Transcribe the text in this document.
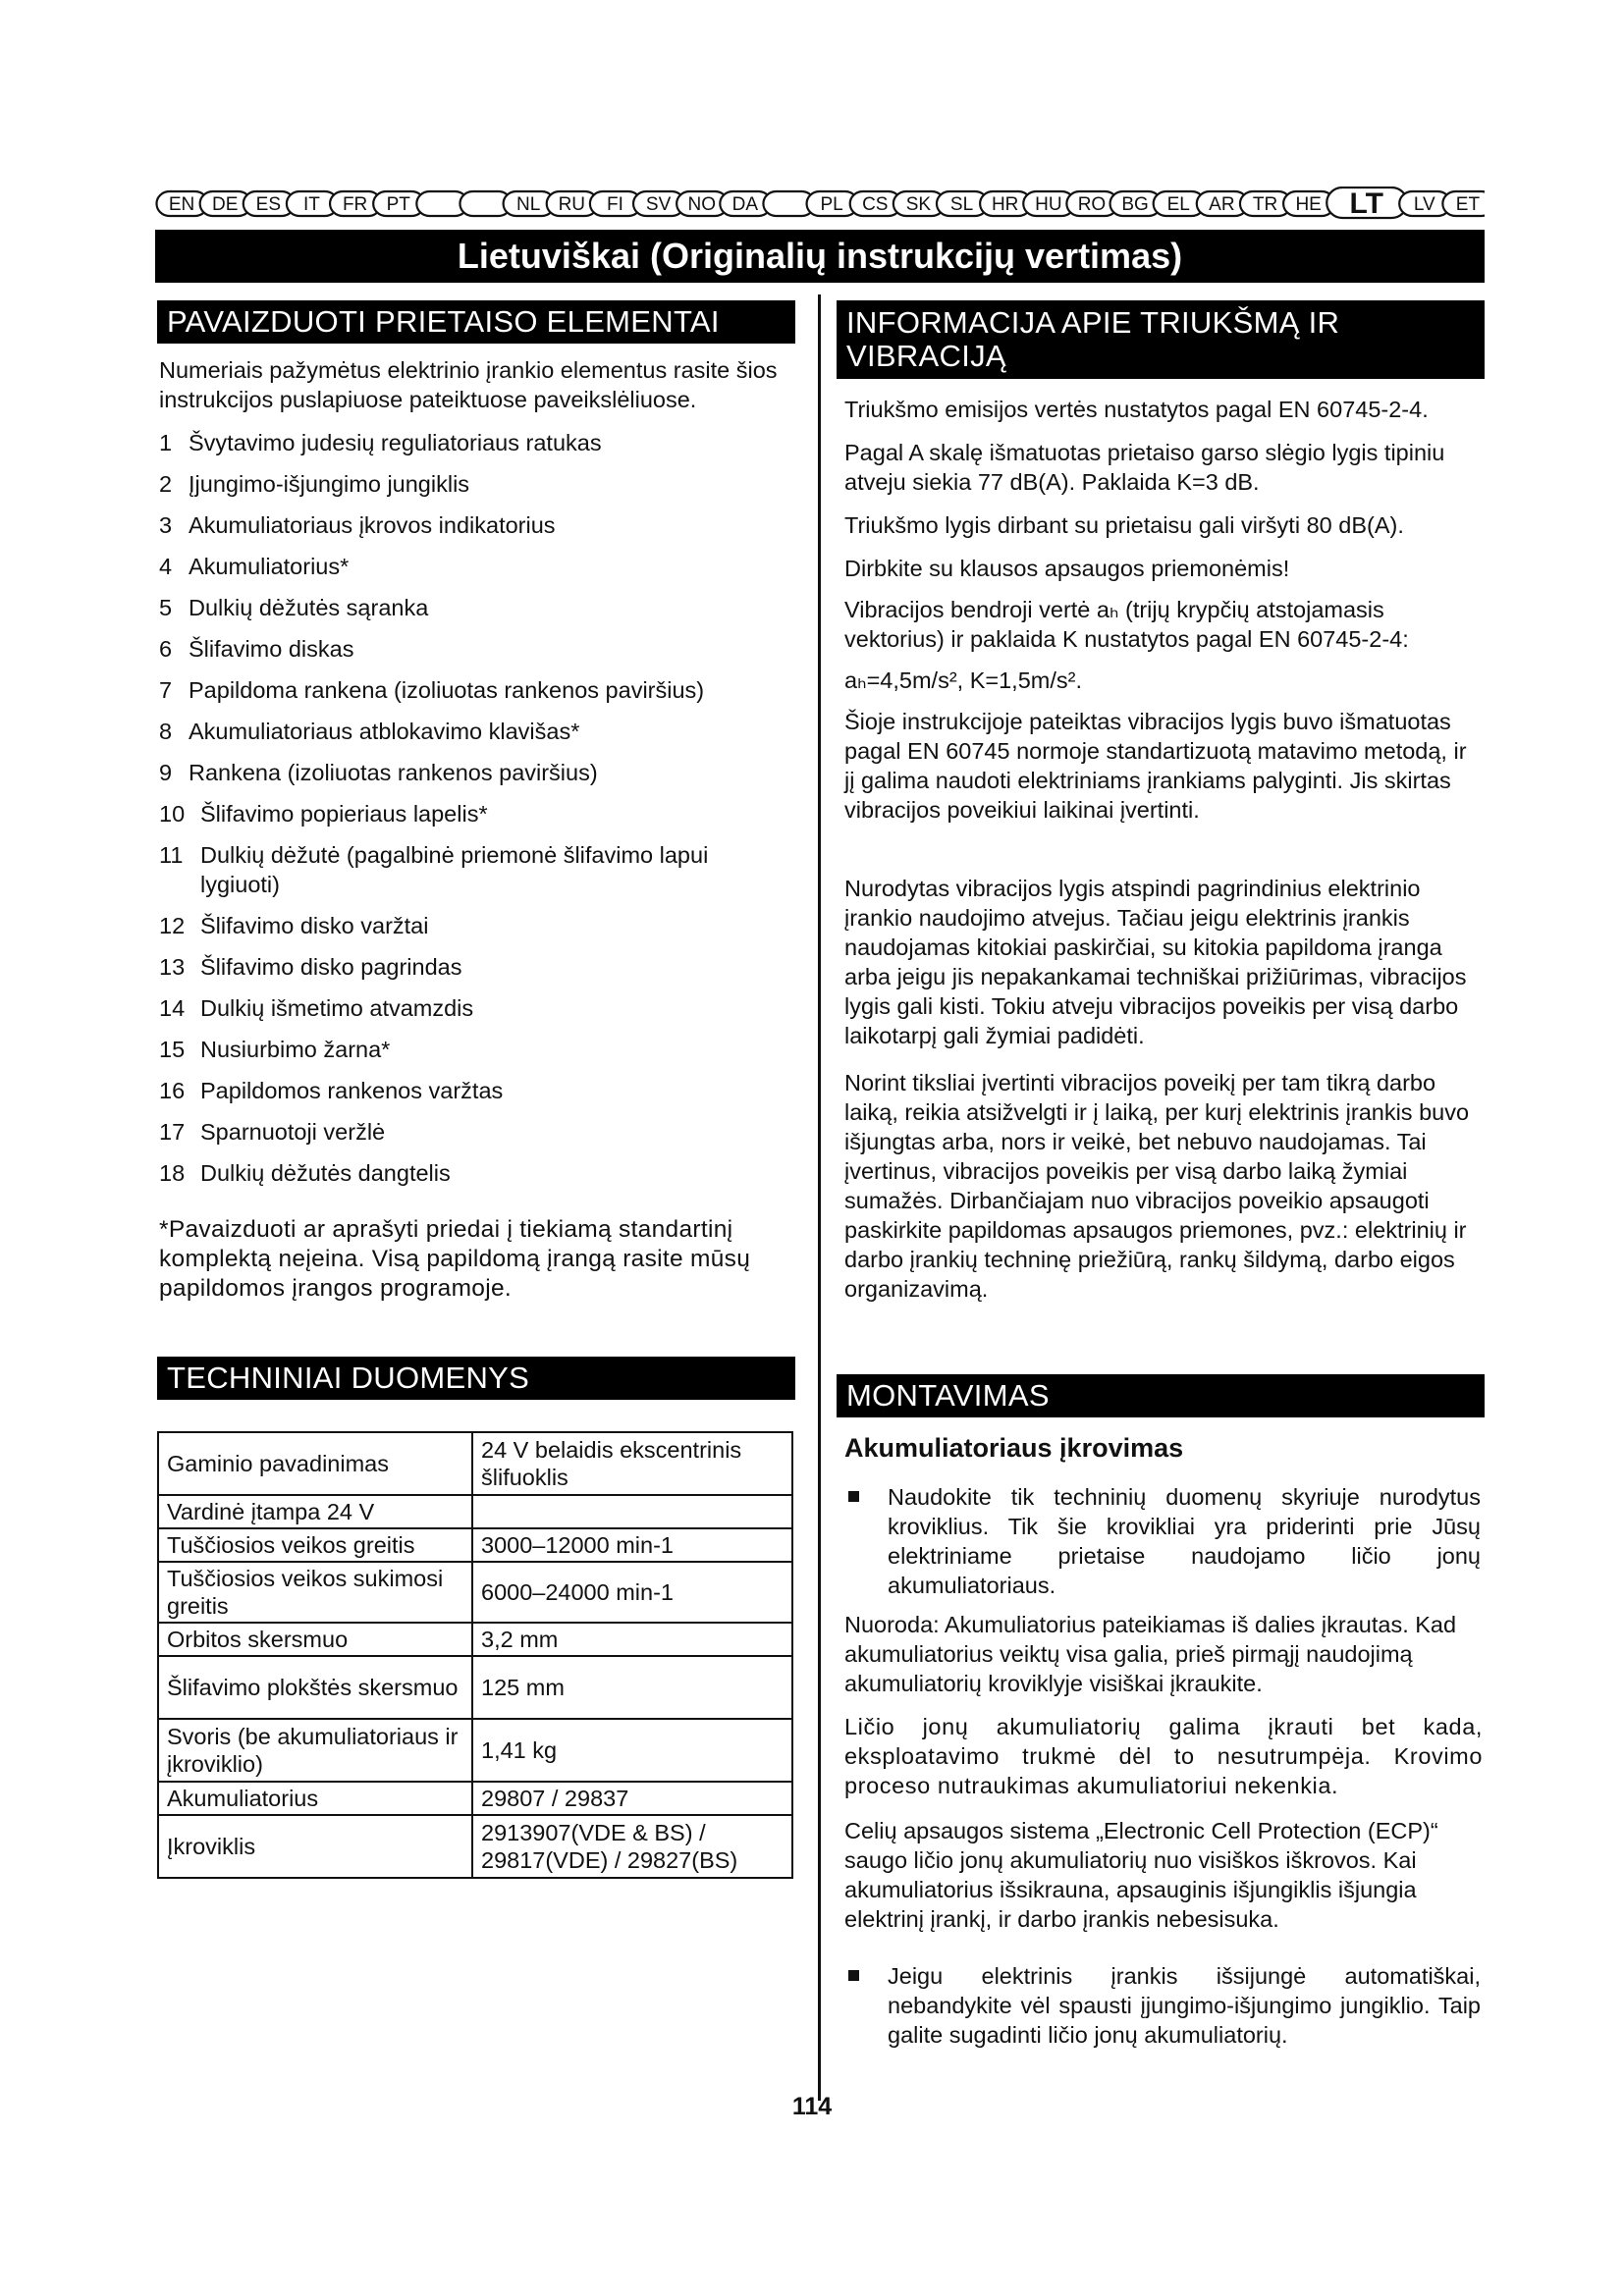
EN DE ES IT FR PT	NL RU FI SV NO DA	PL CS SK SL HR HU RO BG EL AR TR HE LT LV ET
Lietuviškai (Originalių instrukcijų vertimas)
PAVAIZDUOTI PRIETAISO ELEMENTAI
Numeriais pažymėtus elektrinio įrankio elementus rasite šios instrukcijos puslapiuose pateiktuose paveikslėliuose.
1 Švytavimo judesių reguliatoriaus ratukas
2 Įjungimo-išjungimo jungiklis
3 Akumuliatoriaus įkrovos indikatorius
4 Akumuliatorius*
5 Dulkių dėžutės sąranka
6 Šlifavimo diskas
7 Papildoma rankena (izoliuotas rankenos paviršius)
8 Akumuliatoriaus atblokavimo klavišas*
9 Rankena (izoliuotas rankenos paviršius)
10 Šlifavimo popieriaus lapelis*
11 Dulkių dėžutė (pagalbinė priemonė šlifavimo lapui lygiuoti)
12 Šlifavimo disko varžtai
13 Šlifavimo disko pagrindas
14 Dulkių išmetimo atvamzdis
15 Nusiurbimo žarna*
16 Papildomos rankenos varžtas
17 Sparnuotoji veržlė
18 Dulkių dėžutės dangtelis
*Pavaizduoti ar aprašyti priedai į tiekiamą standartinį komplektą neįeina. Visą papildomą įrangą rasite mūsų papildomos įrangos programoje.
TECHNINIAI DUOMENYS
Gaminio pavadinimas	24 V belaidis ekscentrinis šlifuoklis
Vardinė įtampa 24 V	
Tuščiosios veikos greitis	3000–12000 min-1
Tuščiosios veikos sukimosi greitis	6000–24000 min-1
Orbitos skersmuo	3,2 mm
Šlifavimo plokštės skersmuo	125 mm
Svoris (be akumuliatoriaus ir įkroviklio)	1,41 kg
Akumuliatorius	29807 / 29837
Įkroviklis	2913907(VDE & BS) / 29817(VDE) / 29827(BS)
INFORMACIJA APIE TRIUKŠMĄ IR VIBRACIJĄ
Triukšmo emisijos vertės nustatytos pagal EN 60745-2-4.
Pagal A skalę išmatuotas prietaiso garso slėgio lygis tipiniu atveju siekia 77 dB(A). Paklaida K=3 dB.
Triukšmo lygis dirbant su prietaisu gali viršyti 80 dB(A).
Dirbkite su klausos apsaugos priemonėmis!
Vibracijos bendroji vertė aₕ (trijų krypčių atstojamasis vektorius) ir paklaida K nustatytos pagal EN 60745-2-4:
aₕ=4,5m/s², K=1,5m/s².
Šioje instrukcijoje pateiktas vibracijos lygis buvo išmatuotas pagal EN 60745 normoje standartizuotą matavimo metodą, ir jį galima naudoti elektriniams įrankiams palyginti. Jis skirtas vibracijos poveikiui laikinai įvertinti.
Nurodytas vibracijos lygis atspindi pagrindinius elektrinio įrankio naudojimo atvejus. Tačiau jeigu elektrinis įrankis naudojamas kitokiai paskirčiai, su kitokia papildoma įranga arba jeigu jis nepakankamai techniškai prižiūrimas, vibracijos lygis gali kisti. Tokiu atveju vibracijos poveikis per visą darbo laikotarpį gali žymiai padidėti.
Norint tiksliai įvertinti vibracijos poveikį per tam tikrą darbo laiką, reikia atsižvelgti ir į laiką, per kurį elektrinis įrankis buvo išjungtas arba, nors ir veikė, bet nebuvo naudojamas. Tai įvertinus, vibracijos poveikis per visą darbo laiką žymiai sumažės. Dirbančiajam nuo vibracijos poveikio apsaugoti paskirkite papildomas apsaugos priemones, pvz.: elektrinių ir darbo įrankių techninę priežiūrą, rankų šildymą, darbo eigos organizavimą.
MONTAVIMAS
Akumuliatoriaus įkrovimas
Naudokite tik techninių duomenų skyriuje nurodytus kroviklius. Tik šie krovikliai yra priderinti prie Jūsų elektriniame prietaise naudojamo ličio jonų akumuliatoriaus.
Nuoroda: Akumuliatorius pateikiamas iš dalies įkrautas. Kad akumuliatorius veiktų visa galia, prieš pirmąjį naudojimą akumuliatorių kroviklyje visiškai įkraukite.
Ličio jonų akumuliatorių galima įkrauti bet kada, eksploatavimo trukmė dėl to nesutrumpėja. Krovimo proceso nutraukimas akumuliatoriui nekenkia.
Celių apsaugos sistema „Electronic Cell Protection (ECP)“ saugo ličio jonų akumuliatorių nuo visiškos iškrovos. Kai akumuliatorius išsikrauna, apsauginis išjungiklis išjungia elektrinį įrankį, ir darbo įrankis nebesisuka.
Jeigu elektrinis įrankis išsijungė automatiškai, nebandykite vėl spausti įjungimo-išjungimo jungiklio. Taip galite sugadinti ličio jonų akumuliatorių.
114
